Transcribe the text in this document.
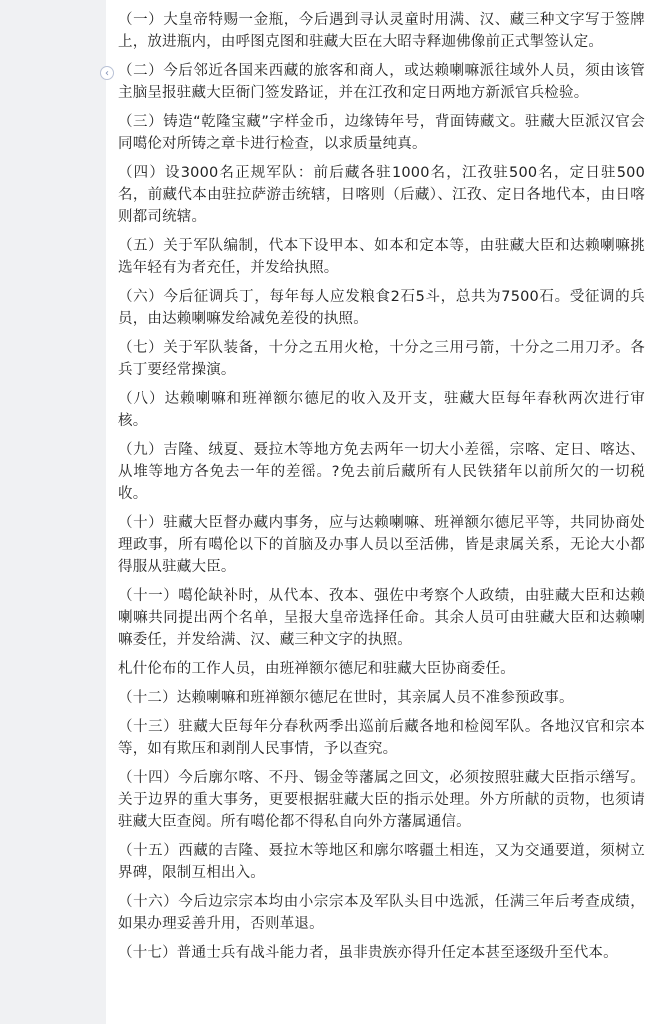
‹

（一）大皇帝特赐一金瓶，今后遇到寻认灵童时用满、汉、藏三种文字写于签牌上，放进瓶内，由呼图克图和驻藏大臣在大昭寺释迦佛像前正式掣签认定。

（二）今后邻近各国来西藏的旅客和商人，或达赖喇嘛派往域外人员，须由该管主脑呈报驻藏大臣衙门签发路证，并在江孜和定日两地方新派官兵检验。

（三）铸造“乾隆宝藏”字样金币，边缘铸年号，背面铸藏文。驻藏大臣派汉官会同噶伦对所铸之章卡进行检查，以求质量纯真。

（四）设3000名正规军队：前后藏各驻1000名，江孜驻500名，定日驻500名，前藏代本由驻拉萨游击统辖，日喀则（后藏）、江孜、定日各地代本，由日喀则都司统辖。

（五）关于军队编制，代本下设甲本、如本和定本等，由驻藏大臣和达赖喇嘛挑选年轻有为者充任，并发给执照。

（六）今后征调兵丁，每年每人应发粮食2石5斗，总共为7500石。受征调的兵员，由达赖喇嘛发给减免差役的执照。

（七）关于军队装备，十分之五用火枪，十分之三用弓箭，十分之二用刀矛。各兵丁要经常操演。

（八）达赖喇嘛和班禅额尔德尼的收入及开支，驻藏大臣每年春秋两次进行审核。

（九）吉隆、绒夏、聂拉木等地方免去两年一切大小差徭，宗喀、定日、喀达、从堆等地方各免去一年的差徭。?免去前后藏所有人民铁猪年以前所欠的一切税收。

（十）驻藏大臣督办藏内事务，应与达赖喇嘛、班禅额尔德尼平等，共同协商处理政事，所有噶伦以下的首脑及办事人员以至活佛，皆是隶属关系，无论大小都得服从驻藏大臣。

（十一）噶伦缺补时，从代本、孜本、强佐中考察个人政绩，由驻藏大臣和达赖喇嘛共同提出两个名单，呈报大皇帝选择任命。其余人员可由驻藏大臣和达赖喇嘛委任，并发给满、汉、藏三种文字的执照。

札什伦布的工作人员，由班禅额尔德尼和驻藏大臣协商委任。

（十二）达赖喇嘛和班禅额尔德尼在世时，其亲属人员不准参预政事。

（十三）驻藏大臣每年分春秋两季出巡前后藏各地和检阅军队。各地汉官和宗本等，如有欺压和剥削人民事情，予以查究。

（十四）今后廓尔喀、不丹、锡金等藩属之回文，必须按照驻藏大臣指示缮写。关于边界的重大事务，更要根据驻藏大臣的指示处理。外方所献的贡物，也须请驻藏大臣查阅。所有噶伦都不得私自向外方藩属通信。

（十五）西藏的吉隆、聂拉木等地区和廓尔喀疆土相连，又为交通要道，须树立界碑，限制互相出入。

（十六）今后边宗宗本均由小宗宗本及军队头目中选派，任满三年后考查成绩，如果办理妥善升用，否则革退。

（十七）普通士兵有战斗能力者，虽非贵族亦得升任定本甚至逐级升至代本。
